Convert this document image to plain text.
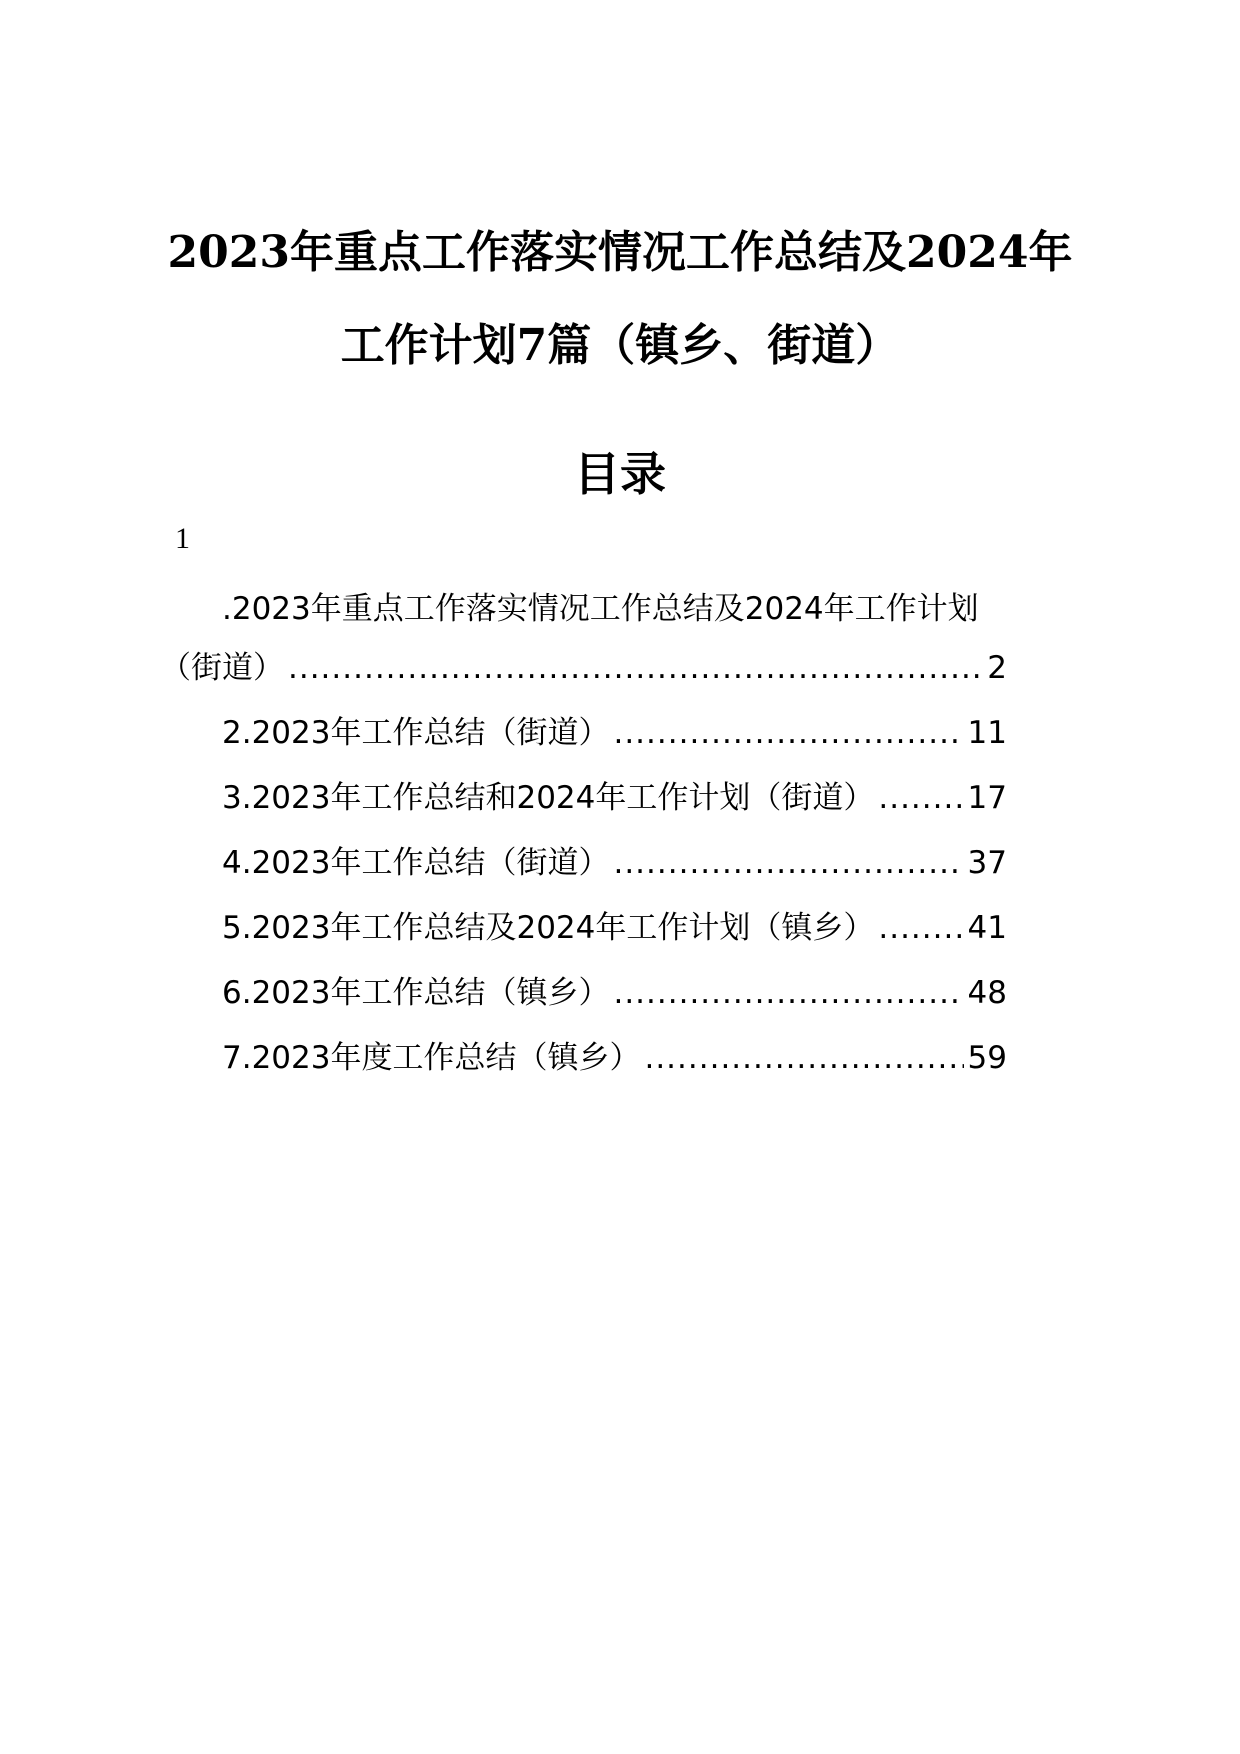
2023年重点工作落实情况工作总结及2024年
工作计划7篇（镇乡、街道）
目录
1
.2023年重点工作落实情况工作总结及2024年工作计划
（街道） .....	2
2.2023年工作总结（街道） .....	11
3.2023年工作总结和2024年工作计划（街道） .....	17
4.2023年工作总结（街道） .....	37
5.2023年工作总结及2024年工作计划（镇乡） .....	41
6.2023年工作总结（镇乡） .....	48
7.2023年度工作总结（镇乡） .....	59
